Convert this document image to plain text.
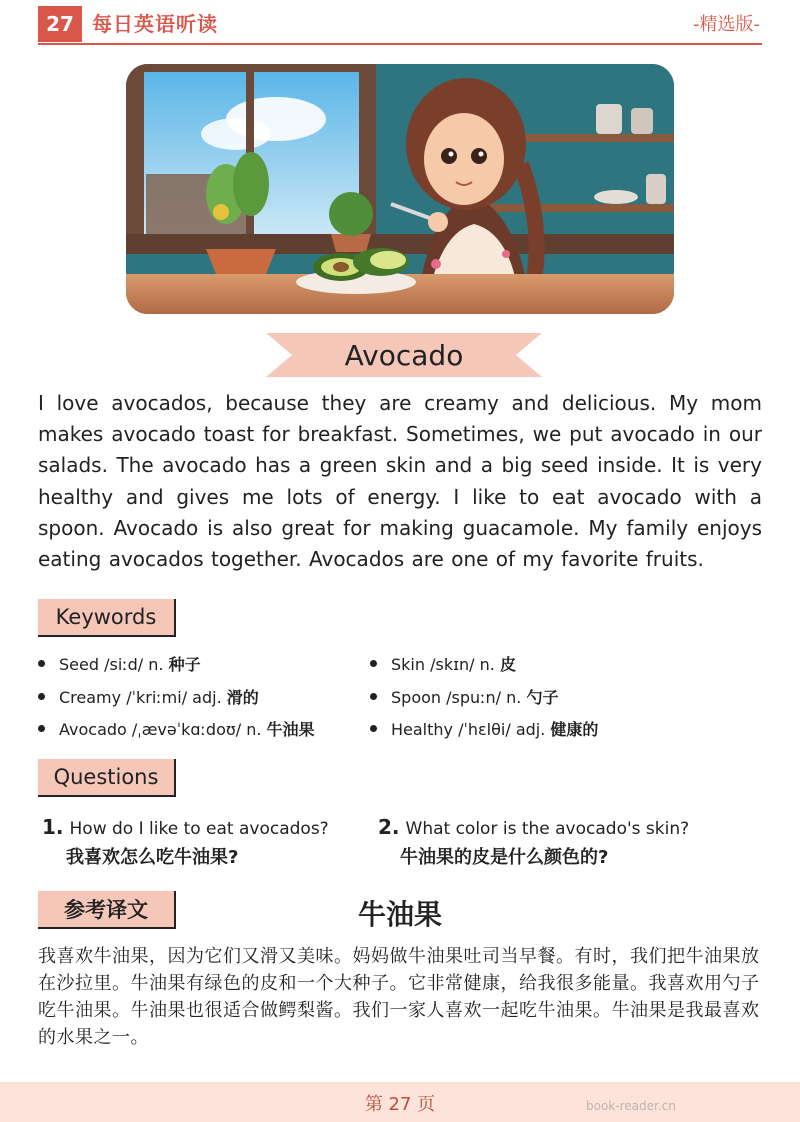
27 每日英语听读	-精选版-
Avocado
I love avocados, because they are creamy and delicious. My mom makes avocado toast for breakfast. Sometimes, we put avocado in our salads. The avocado has a green skin and a big seed inside. It is very healthy and gives me lots of energy. I like to eat avocado with a spoon. Avocado is also great for making guacamole. My family enjoys eating avocados together. Avocados are one of my favorite fruits.
Keywords
Seed /siːd/ n. 种子	Skin /skɪn/ n. 皮
Creamy /ˈkriːmi/ adj. 滑的	Spoon /spuːn/ n. 勺子
Avocado /ˌævəˈkɑːdoʊ/ n. 牛油果	Healthy /ˈhɛlθi/ adj. 健康的
Questions
1. How do I like to eat avocados?
我喜欢怎么吃牛油果?
2. What color is the avocado's skin?
牛油果的皮是什么颜色的?
参考译文	牛油果
我喜欢牛油果，因为它们又滑又美味。妈妈做牛油果吐司当早餐。有时，我们把牛油果放在沙拉里。牛油果有绿色的皮和一个大种子。它非常健康，给我很多能量。我喜欢用勺子吃牛油果。牛油果也很适合做鳄梨酱。我们一家人喜欢一起吃牛油果。牛油果是我最喜欢的水果之一。
第 27 页	book-reader.cn
